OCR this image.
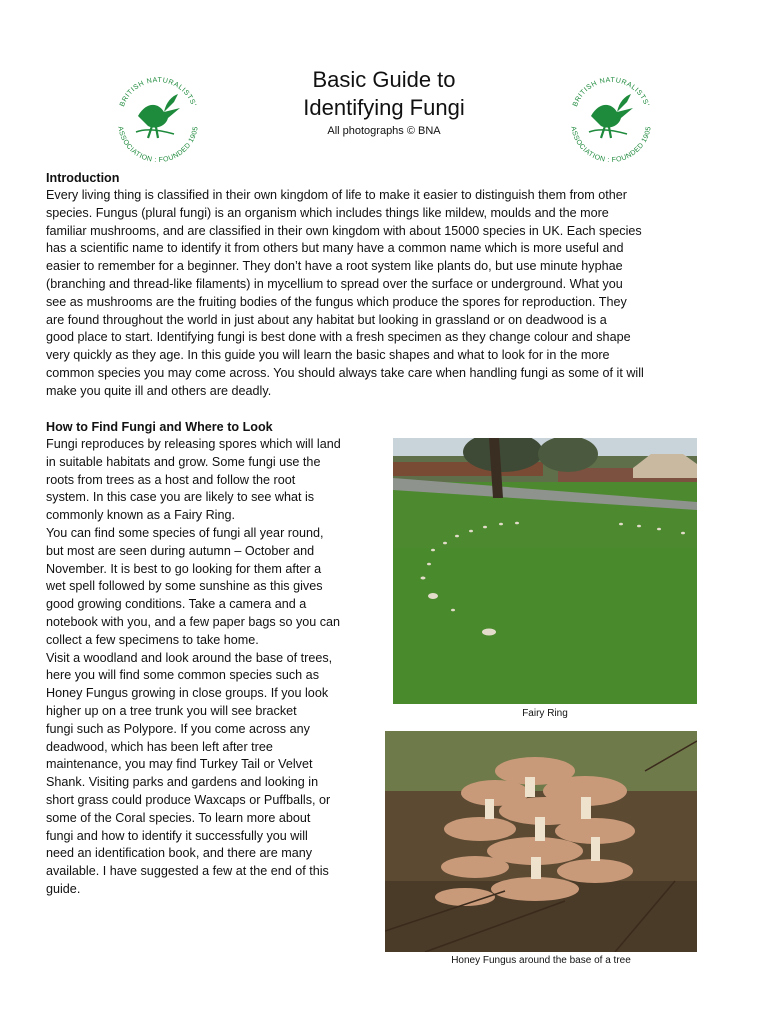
BRITISH NATURALISTS'
ASSOCIATION : FOUNDED 1905
BRITISH NATURALISTS'
ASSOCIATION : FOUNDED 1905
Basic Guide to
Identifying Fungi
All photographs © BNA
Introduction
Every living thing is classified in their own kingdom of life to make it easier to distinguish them from other
species. Fungus (plural fungi) is an organism which includes things like mildew, moulds and the more
familiar mushrooms, and are classified in their own kingdom with about 15000 species in UK. Each species
has a scientific name to identify it from others but many have a common name which is more useful and
easier to remember for a beginner. They don’t have a root system like plants do, but use minute hyphae
(branching and thread-like filaments) in mycellium to spread over the surface or underground. What you
see as mushrooms are the fruiting bodies of the fungus which produce the spores for reproduction. They
are found throughout the world in just about any habitat but looking in grassland or on deadwood is a
good place to start. Identifying fungi is best done with a fresh specimen as they change colour and shape
very quickly as they age. In this guide you will learn the basic shapes and what to look for in the more
common species you may come across. You should always take care when handling fungi as some of it will
make you quite ill and others are deadly.
How to Find Fungi and Where to Look
Fungi reproduces by releasing spores which will land
in suitable habitats and grow. Some fungi use the
roots from trees as a host and follow the root
system. In this case you are likely to see what is
commonly known as a Fairy Ring.
You can find some species of fungi all year round,
but most are seen during autumn – October and
November. It is best to go looking for them after a
wet spell followed by some sunshine as this gives
good growing conditions. Take a camera and a
notebook with you, and a few paper bags so you can
collect a few specimens to take home.
Visit a woodland and look around the base of trees,
here you will find some common species such as
Honey Fungus growing in close groups. If you look
higher up on a tree trunk you will see bracket
fungi such as Polypore. If you come across any
deadwood, which has been left after tree
maintenance, you may find Turkey Tail or Velvet
Shank. Visiting parks and gardens and looking in
short grass could produce Waxcaps or Puffballs, or
some of the Coral species. To learn more about
fungi and how to identify it successfully you will
need an identification book, and there are many
available. I have suggested a few at the end of this
guide.
Fairy Ring
Honey Fungus around the base of a tree
